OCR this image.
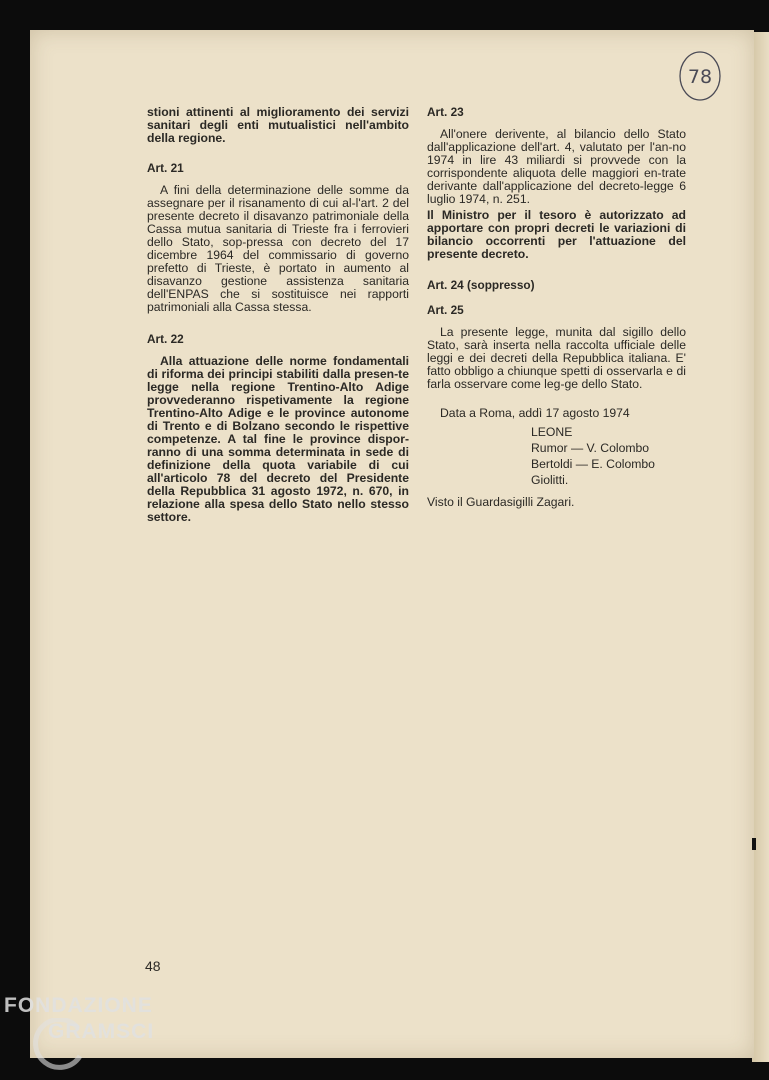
78

stioni attinenti al miglioramento dei servizi sanitari degli enti mutualistici nell'ambito della regione.

Art. 21

A fini della determinazione delle somme da assegnare per il risanamento di cui al-l'art. 2 del presente decreto il disavanzo patrimoniale della Cassa mutua sanitaria di Trieste fra i ferrovieri dello Stato, sop-pressa con decreto del 17 dicembre 1964 del commissario di governo prefetto di Trieste, è portato in aumento al disavanzo gestione assistenza sanitaria dell'ENPAS che si sostituisce nei rapporti patrimoniali alla Cassa stessa.

Art. 22

Alla attuazione delle norme fondamentali di riforma dei principi stabiliti dalla presen-te legge nella regione Trentino-Alto Adige provvederanno rispetivamente la regione Trentino-Alto Adige e le province autonome di Trento e di Bolzano secondo le rispettive competenze. A tal fine le province dispor-ranno di una somma determinata in sede di definizione della quota variabile di cui all'articolo 78 del decreto del Presidente della Repubblica 31 agosto 1972, n. 670, in relazione alla spesa dello Stato nello stesso settore.

Art. 23

All'onere derivente, al bilancio dello Stato dall'applicazione dell'art. 4, valutato per l'an-no 1974 in lire 43 miliardi si provvede con la corrispondente aliquota delle maggiori en-trate derivante dall'applicazione del decreto-legge 6 luglio 1974, n. 251.

Il Ministro per il tesoro è autorizzato ad apportare con propri decreti le variazioni di bilancio occorrenti per l'attuazione del presente decreto.

Art. 24 (soppresso)

Art. 25

La presente legge, munita dal sigillo dello Stato, sarà inserta nella raccolta ufficiale delle leggi e dei decreti della Repubblica italiana. E' fatto obbligo a chiunque spetti di osservarla e di farla osservare come leg-ge dello Stato.

Data a Roma, addì 17 agosto 1974

LEONE
Rumor — V. Colombo
Bertoldi — E. Colombo
Giolitti.

Visto il Guardasigilli Zagari.

48
FONDAZIONE
GRAMSCI
